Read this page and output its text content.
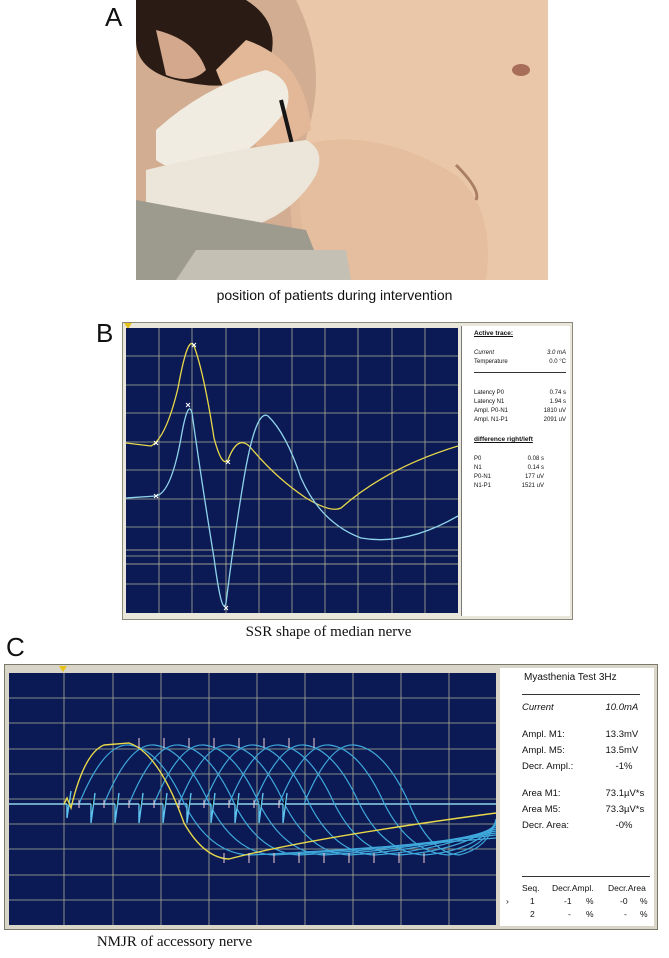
A
position of patients during intervention
B	Active trace:
Current	3.0 mA
Temperature	0.0 °C
Latency P0	0.74 s
Latency N1	1.94 s
Ampl. P0-N1	1810 uV
Ampl. N1-P1	2091 uV
difference right/left
P0	0.08 s
N1	0.14 s
P0-N1	177 uV
N1-P1	1521 uV
SSR shape of median nerve
C
Myasthenia Test 3Hz
Current	10.0 mA
Ampl. M1:	13.3 mV
Ampl. M5:	13.5 mV
Decr. Ampl.:	-1 %
Area M1:	73.1 µV*s
Area M5:	73.3 µV*s
Decr. Area:	-0 %
Seq. Decr.Ampl. Decr.Area
› 1	-1 %	-0 %
2	- %	- %
NMJR of accessory nerve
